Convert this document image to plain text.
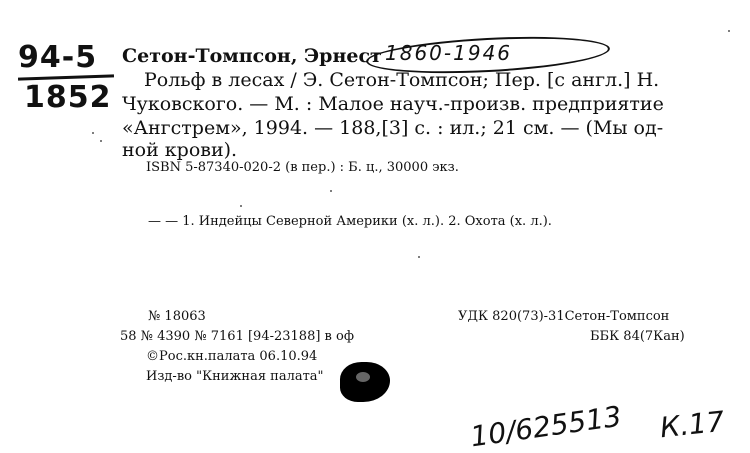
94-5
1852
Сетон-Томпсон, Эрнест 1860-1946
Рольф в лесах / Э. Сетон-Томпсон; Пер. [с англ.] Н.
Чуковского. — М. : Малое науч.-произв. предприятие
«Ангстрем», 1994. — 188,[3] с. : ил.; 21 см. — (Мы од-
ной крови).
ISBN 5-87340-020-2 (в пер.) : Б. ц., 30000 экз.
— — 1. Индейцы Северной Америки (х. л.). 2. Охота (х. л.).
№ 18063
58 № 4390 № 7161 [94-23188] в оф
©Рос.кн.палата 06.10.94
Изд-во "Книжная палата"
УДК 820(73)-31Сетон-Томпсон
ББК 84(7Кан)
10/625513 К.17
